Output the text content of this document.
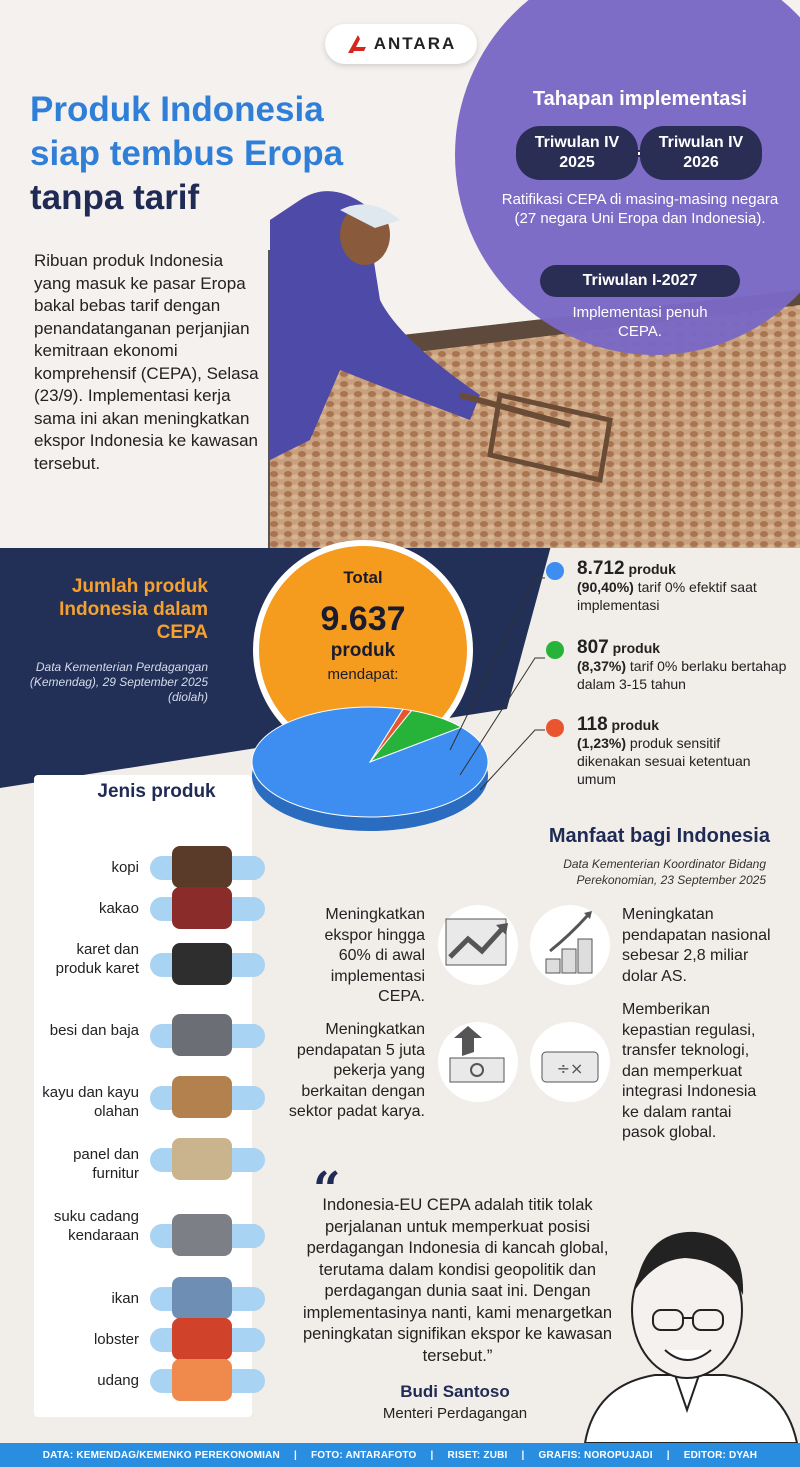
ANTARA
Produk Indonesia
siap tembus Eropa
tanpa tarif
Ribuan produk Indonesia yang masuk ke pasar Eropa bakal bebas tarif dengan penandatanganan perjanjian kemitraan ekonomi komprehensif (CEPA), Selasa (23/9). Implementasi kerja sama ini akan meningkatkan ekspor Indonesia ke kawasan tersebut.
Tahapan implementasi
Triwulan IV 2025
Triwulan IV 2026
Ratifikasi CEPA di masing-masing negara (27 negara Uni Eropa dan Indonesia).
Triwulan I-2027
Implementasi penuh CEPA.
Jumlah produk Indonesia dalam CEPA
Data Kementerian Perdagangan (Kemendag), 29 September 2025 (diolah)
Total
9.637
produk
mendapat:
8.712 produk
(90,40%) tarif 0% efektif saat implementasi
807 produk
(8,37%) tarif 0% berlaku bertahap dalam 3-15 tahun
118 produk
(1,23%) produk sensitif dikenakan sesuai ketentuan umum
Jenis produk
kopi
kakao
karet dan produk karet
besi dan baja
kayu dan kayu olahan
panel dan furnitur
suku cadang kendaraan
ikan
lobster
udang
Manfaat bagi Indonesia
Data Kementerian Koordinator Bidang Perekonomian, 23 September 2025
Meningkatkan ekspor hingga 60% di awal implementasi CEPA.
Meningkatan pendapatan nasional sebesar 2,8 miliar dolar AS.
Meningkatkan pendapatan 5 juta pekerja yang berkaitan dengan sektor padat karya.
÷×
Memberikan kepastian regulasi, transfer teknologi, dan memperkuat integrasi Indonesia ke dalam rantai pasok global.
“
Indonesia-EU CEPA adalah titik tolak perjalanan untuk memperkuat posisi perdagangan Indonesia di kancah global, terutama dalam kondisi geopolitik dan perdagangan dunia saat ini. Dengan implementasinya nanti, kami menargetkan peningkatan signifikan ekspor ke kawasan tersebut.”
Budi Santoso
Menteri Perdagangan
DATA: KEMENDAG/KEMENKO PEREKONOMIAN | FOTO: ANTARAFOTO | RISET: ZUBI | GRAFIS: NOROPUJADI | EDITOR: DYAH
